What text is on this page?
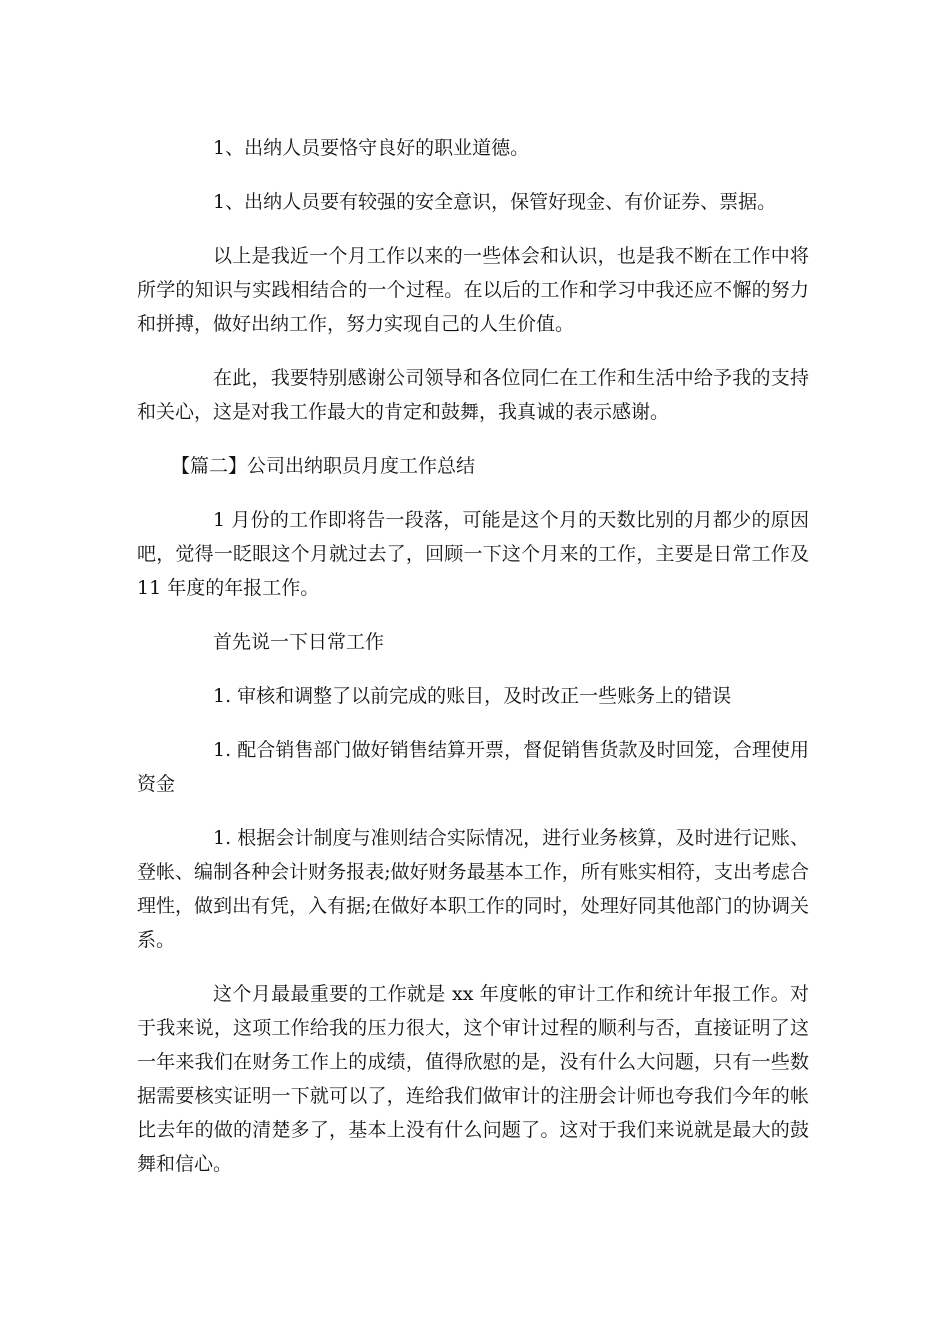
1、出纳人员要恪守良好的职业道德。

1、出纳人员要有较强的安全意识，保管好现金、有价证券、票据。

以上是我近一个月工作以来的一些体会和认识，也是我不断在工作中将所学的知识与实践相结合的一个过程。在以后的工作和学习中我还应不懈的努力和拼搏，做好出纳工作，努力实现自己的人生价值。

在此，我要特别感谢公司领导和各位同仁在工作和生活中给予我的支持和关心，这是对我工作最大的肯定和鼓舞，我真诚的表示感谢。

【篇二】公司出纳职员月度工作总结

1 月份的工作即将告一段落，可能是这个月的天数比别的月都少的原因吧，觉得一眨眼这个月就过去了，回顾一下这个月来的工作，主要是日常工作及11 年度的年报工作。

首先说一下日常工作

1. 审核和调整了以前完成的账目，及时改正一些账务上的错误

1. 配合销售部门做好销售结算开票，督促销售货款及时回笼，合理使用资金

1. 根据会计制度与准则结合实际情况，进行业务核算，及时进行记账、登帐、编制各种会计财务报表;做好财务最基本工作，所有账实相符，支出考虑合理性，做到出有凭，入有据;在做好本职工作的同时，处理好同其他部门的协调关系。

这个月最最重要的工作就是 xx 年度帐的审计工作和统计年报工作。对于我来说，这项工作给我的压力很大，这个审计过程的顺利与否，直接证明了这一年来我们在财务工作上的成绩，值得欣慰的是，没有什么大问题，只有一些数据需要核实证明一下就可以了，连给我们做审计的注册会计师也夸我们今年的帐比去年的做的清楚多了，基本上没有什么问题了。这对于我们来说就是最大的鼓舞和信心。
